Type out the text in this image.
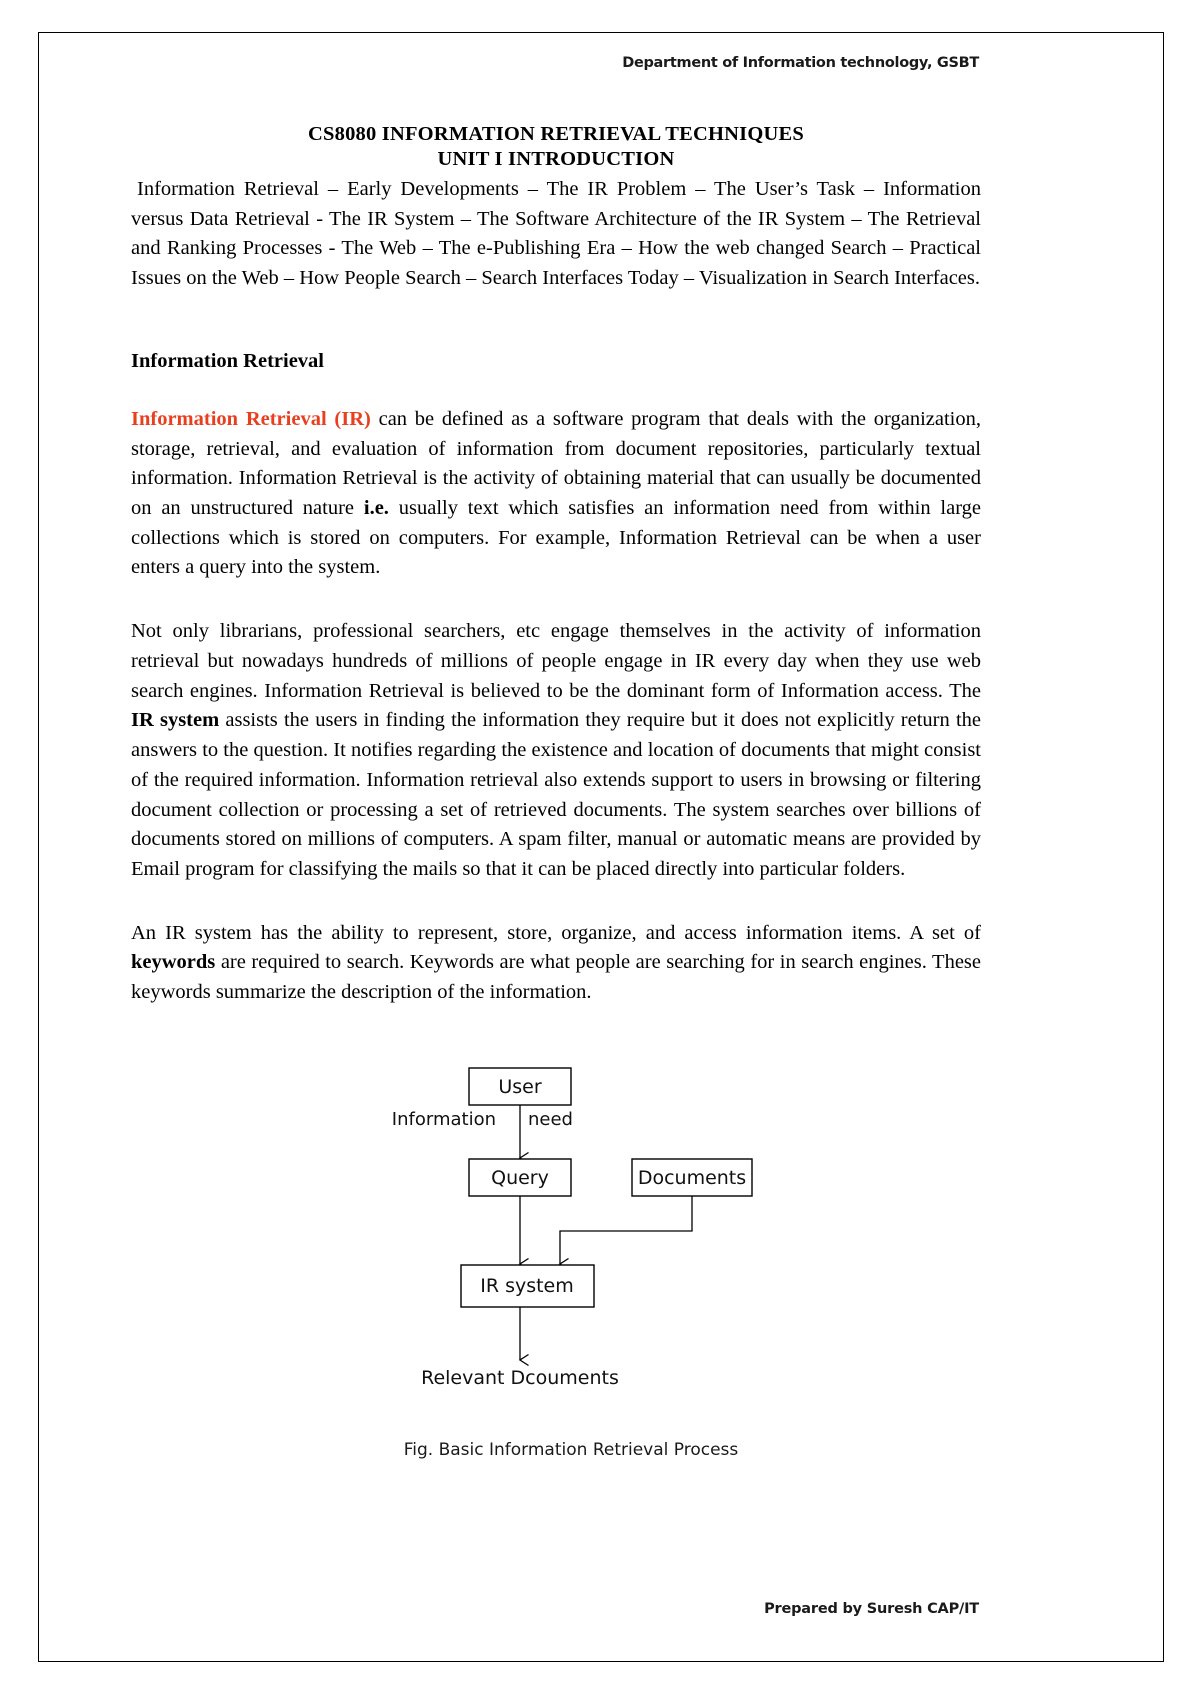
Department of Information technology, GSBT
CS8080 INFORMATION RETRIEVAL TECHNIQUES
UNIT I INTRODUCTION
Information Retrieval – Early Developments – The IR Problem – The User’s Task – Information versus Data Retrieval - The IR System – The Software Architecture of the IR System – The Retrieval and Ranking Processes - The Web – The e-Publishing Era – How the web changed Search – Practical Issues on the Web – How People Search – Search Interfaces Today – Visualization in Search Interfaces.
Information Retrieval

Information Retrieval (IR) can be defined as a software program that deals with the organization, storage, retrieval, and evaluation of information from document repositories, particularly textual information. Information Retrieval is the activity of obtaining material that can usually be documented on an unstructured nature i.e. usually text which satisfies an information need from within large collections which is stored on computers. For example, Information Retrieval can be when a user enters a query into the system.

Not only librarians, professional searchers, etc engage themselves in the activity of information retrieval but nowadays hundreds of millions of people engage in IR every day when they use web search engines. Information Retrieval is believed to be the dominant form of Information access. The IR system assists the users in finding the information they require but it does not explicitly return the answers to the question. It notifies regarding the existence and location of documents that might consist of the required information. Information retrieval also extends support to users in browsing or filtering document collection or processing a set of retrieved documents. The system searches over billions of documents stored on millions of computers. A spam filter, manual or automatic means are provided by Email program for classifying the mails so that it can be placed directly into particular folders.

An IR system has the ability to represent, store, organize, and access information items. A set of keywords are required to search. Keywords are what people are searching for in search engines. These keywords summarize the description of the information.

User
Information need
Query	Documents
IR system
Relevant Dcouments
Fig. Basic Information Retrieval Process
Prepared by Suresh CAP/IT
